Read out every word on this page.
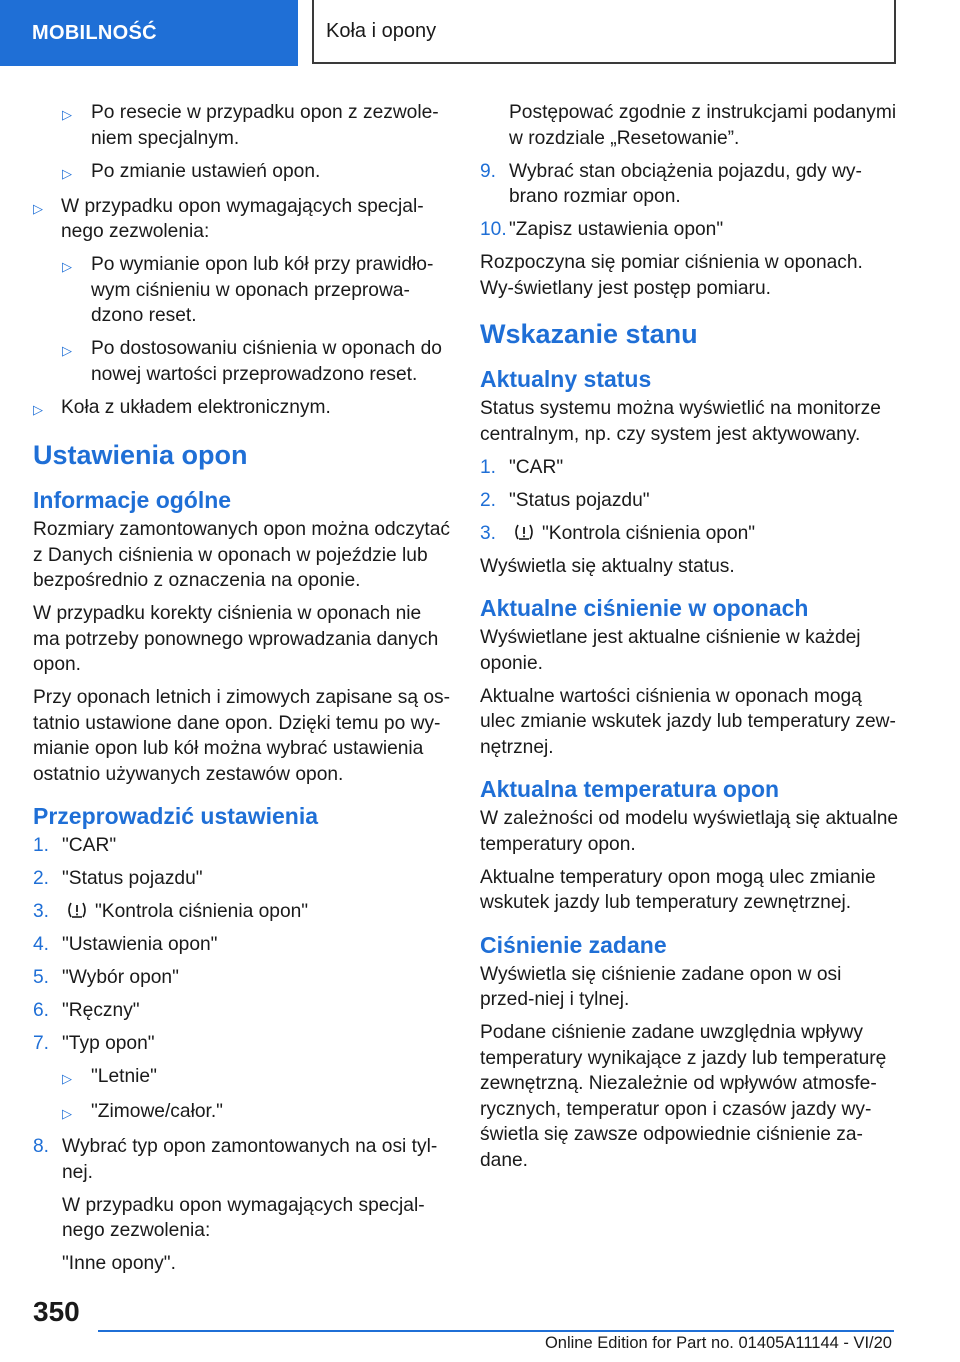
MOBILNOŚĆ	Koła i opony
▷ Po resecie w przypadku opon z zezwole-niem specjalnym.
▷ Po zmianie ustawień opon.
▷ W przypadku opon wymagających specjal-nego zezwolenia:
▷ Po wymianie opon lub kół przy prawidło-wym ciśnieniu w oponach przeprowa-dzono reset.
▷ Po dostosowaniu ciśnienia w oponach do nowej wartości przeprowadzono reset.
▷ Koła z układem elektronicznym.
Ustawienia opon
Informacje ogólne

Rozmiary zamontowanych opon można odczytać z Danych ciśnienia w oponach w pojeździe lub bezpośrednio z oznaczenia na oponie.

W przypadku korekty ciśnienia w oponach nie ma potrzeby ponownego wprowadzania danych opon.

Przy oponach letnich i zimowych zapisane są os-tatnio ustawione dane opon. Dzięki temu po wy-mianie opon lub kół można wybrać ustawienia ostatnio używanych zestawów opon.

Przeprowadzić ustawienia
1. "CAR"
2. "Status pojazdu"
3.	"Kontrola ciśnienia opon"
4. "Ustawienia opon"
5. "Wybór opon"
6. "Ręczny"
7. "Typ opon"
▷ "Letnie"
▷ "Zimowe/całor."
8. Wybrać typ opon zamontowanych na osi tyl-nej.

W przypadku opon wymagających specjal-nego zezwolenia:

"Inne opony".

Postępować zgodnie z instrukcjami podanymi w rozdziale „Resetowanie”.

9. Wybrać stan obciążenia pojazdu, gdy wy-brano rozmiar opon.
10. "Zapisz ustawienia opon"

Rozpoczyna się pomiar ciśnienia w oponach. Wy-świetlany jest postęp pomiaru.

Wskazanie stanu
Aktualny status

Status systemu można wyświetlić na monitorze centralnym, np. czy system jest aktywowany.

1. "CAR"
2. "Status pojazdu"
3.	"Kontrola ciśnienia opon"

Wyświetla się aktualny status.

Aktualne ciśnienie w oponach

Wyświetlane jest aktualne ciśnienie w każdej oponie.

Aktualne wartości ciśnienia w oponach mogą ulec zmianie wskutek jazdy lub temperatury zew-nętrznej.

Aktualna temperatura opon

W zależności od modelu wyświetlają się aktualne temperatury opon.

Aktualne temperatury opon mogą ulec zmianie wskutek jazdy lub temperatury zewnętrznej.

Ciśnienie zadane

Wyświetla się ciśnienie zadane opon w osi przed-niej i tylnej.

Podane ciśnienie zadane uwzględnia wpływy temperatury wynikające z jazdy lub temperaturę zewnętrzną. Niezależnie od wpływów atmosfe-rycznych, temperatur opon i czasów jazdy wy-świetla się zawsze odpowiednie ciśnienie za-dane.

350
Online Edition for Part no. 01405A11144 - VI/20
